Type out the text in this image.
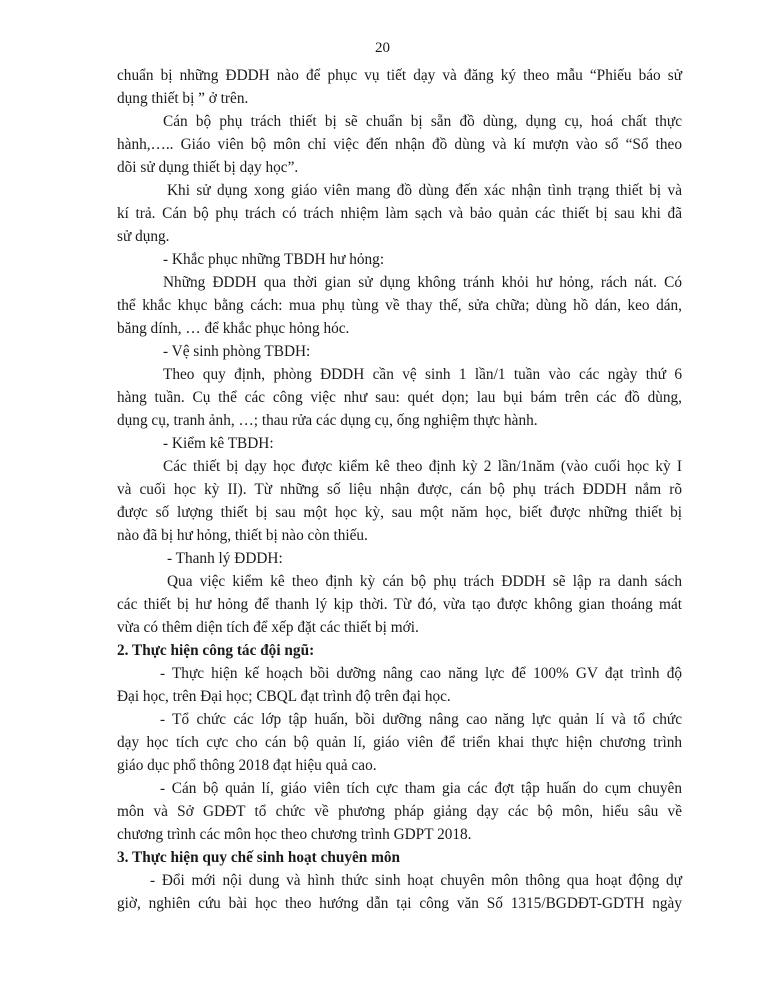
20
chuẩn bị những ĐDDH nào để phục vụ tiết dạy và đăng ký theo mẫu “Phiếu báo sử
dụng thiết bị ” ở trên.
Cán bộ phụ trách thiết bị sẽ chuẩn bị sẵn đồ dùng, dụng cụ, hoá chất thực
hành,….. Giáo viên bộ môn chỉ việc đến nhận đồ dùng và kí mượn vào sổ “Sổ theo
dõi sử dụng thiết bị dạy học”.
Khi sử dụng xong giáo viên mang đồ dùng đến xác nhận tình trạng thiết bị và
kí trả. Cán bộ phụ trách có trách nhiệm làm sạch và bảo quản các thiết bị sau khi đã
sử dụng.
- Khắc phục những TBDH hư hỏng:
Những ĐDDH qua thời gian sử dụng không tránh khỏi hư hỏng, rách nát. Có
thể khắc khục bằng cách: mua phụ tùng về thay thế, sửa chữa; dùng hồ dán, keo dán,
băng dính, … để khắc phục hỏng hóc.
- Vệ sinh phòng TBDH:
Theo quy định, phòng ĐDDH cần vệ sinh 1 lần/1 tuần vào các ngày thứ 6
hàng tuần. Cụ thể các công việc như sau: quét dọn; lau bụi bám trên các đồ dùng,
dụng cụ, tranh ảnh, …; thau rửa các dụng cụ, ống nghiệm thực hành.
- Kiểm kê TBDH:
Các thiết bị dạy học được kiểm kê theo định kỳ 2 lần/1năm (vào cuối học kỳ I
và cuối học kỳ II). Từ những số liệu nhận được, cán bộ phụ trách ĐDDH nắm rõ
được số lượng thiết bị sau một học kỳ, sau một năm học, biết được những thiết bị
nào đã bị hư hỏng, thiết bị nào còn thiếu.
- Thanh lý ĐDDH:
Qua việc kiểm kê theo định kỳ cán bộ phụ trách ĐDDH sẽ lập ra danh sách
các thiết bị hư hỏng để thanh lý kịp thời. Từ đó, vừa tạo được không gian thoáng mát
vừa có thêm diện tích để xếp đặt các thiết bị mới.
2. Thực hiện công tác đội ngũ:
- Thực hiện kế hoạch bồi dưỡng nâng cao năng lực để 100% GV đạt trình độ
Đại học, trên Đại học; CBQL đạt trình độ trên đại học.
- Tổ chức các lớp tập huấn, bồi dưỡng nâng cao năng lực quản lí và tổ chức
dạy học tích cực cho cán bộ quản lí, giáo viên để triển khai thực hiện chương trình
giáo dục phổ thông 2018 đạt hiệu quả cao.
- Cán bộ quản lí, giáo viên tích cực tham gia các đợt tập huấn do cụm chuyên
môn và Sở GDĐT tổ chức về phương pháp giảng dạy các bộ môn, hiểu sâu về
chương trình các môn học theo chương trình GDPT 2018.
3. Thực hiện quy chế sinh hoạt chuyên môn
- Đổi mới nội dung và hình thức sinh hoạt chuyên môn thông qua hoạt động dự
giờ, nghiên cứu bài học theo hướng dẫn tại công văn Số 1315/BGDĐT-GDTH ngày
